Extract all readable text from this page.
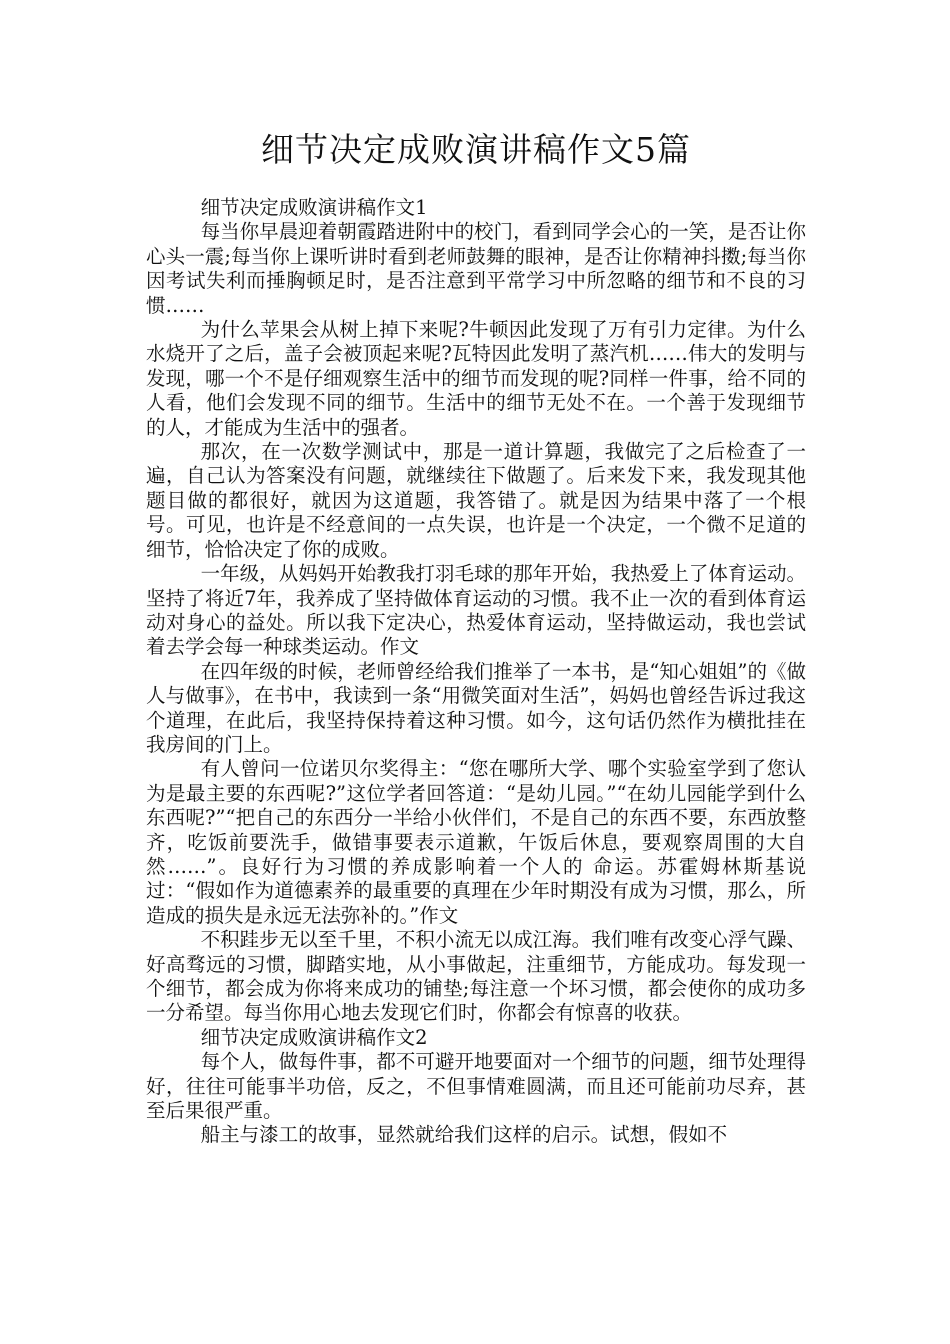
细节决定成败演讲稿作文5篇

细节决定成败演讲稿作文1

每当你早晨迎着朝霞踏进附中的校门，看到同学会心的一笑，是否让你心头一震;每当你上课听讲时看到老师鼓舞的眼神，是否让你精神抖擞;每当你因考试失利而捶胸顿足时，是否注意到平常学习中所忽略的细节和不良的习惯……

为什么苹果会从树上掉下来呢?牛顿因此发现了万有引力定律。为什么水烧开了之后，盖子会被顶起来呢?瓦特因此发明了蒸汽机……伟大的发明与发现，哪一个不是仔细观察生活中的细节而发现的呢?同样一件事，给不同的人看，他们会发现不同的细节。生活中的细节无处不在。一个善于发现细节的人，才能成为生活中的强者。

那次，在一次数学测试中，那是一道计算题，我做完了之后检查了一遍，自己认为答案没有问题，就继续往下做题了。后来发下来，我发现其他题目做的都很好，就因为这道题，我答错了。就是因为结果中落了一个根号。可见，也许是不经意间的一点失误，也许是一个决定，一个微不足道的细节，恰恰决定了你的成败。

一年级，从妈妈开始教我打羽毛球的那年开始，我热爱上了体育运动。坚持了将近7年，我养成了坚持做体育运动的习惯。我不止一次的看到体育运动对身心的益处。所以我下定决心，热爱体育运动，坚持做运动，我也尝试着去学会每一种球类运动。作文

在四年级的时候，老师曾经给我们推举了一本书，是“知心姐姐”的《做人与做事》，在书中，我读到一条“用微笑面对生活”，妈妈也曾经告诉过我这个道理，在此后，我坚持保持着这种习惯。如今，这句话仍然作为横批挂在我房间的门上。

有人曾问一位诺贝尔奖得主：“您在哪所大学、哪个实验室学到了您认为是最主要的东西呢?”这位学者回答道：“是幼儿园。”“在幼儿园能学到什么东西呢?”“把自己的东西分一半给小伙伴们，不是自己的东西不要，东西放整齐，吃饭前要洗手，做错事要表示道歉，午饭后休息，要观察周围的大自然……”。良好行为习惯的养成影响着一个人的 命运。苏霍姆林斯基说过：“假如作为道德素养的最重要的真理在少年时期没有成为习惯，那么，所造成的损失是永远无法弥补的。”作文

不积跬步无以至千里，不积小流无以成江海。我们唯有改变心浮气躁、好高骛远的习惯，脚踏实地，从小事做起，注重细节，方能成功。每发现一个细节，都会成为你将来成功的铺垫;每注意一个坏习惯，都会使你的成功多一分希望。每当你用心地去发现它们时，你都会有惊喜的收获。

细节决定成败演讲稿作文2

每个人，做每件事，都不可避开地要面对一个细节的问题，细节处理得好，往往可能事半功倍，反之，不但事情难圆满，而且还可能前功尽弃，甚至后果很严重。

船主与漆工的故事，显然就给我们这样的启示。试想，假如不
